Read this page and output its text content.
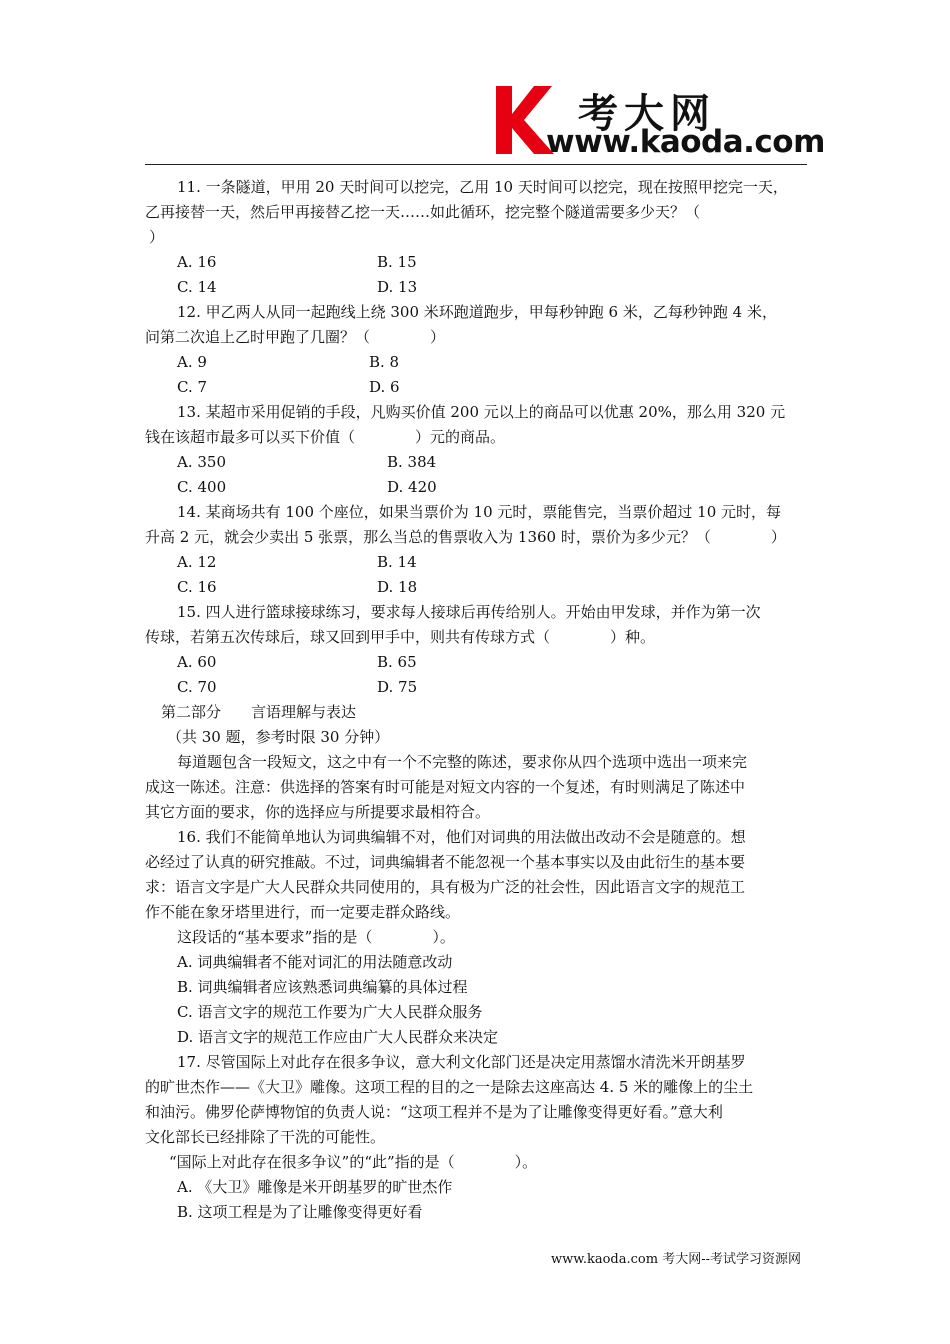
考大网
www.kaoda.com
11. 一条隧道，甲用 20 天时间可以挖完，乙用 10 天时间可以挖完，现在按照甲挖完一天，
乙再接替一天，然后甲再接替乙挖一天……如此循环，挖完整个隧道需要多少天？（
）
A. 16	B. 15
C. 14	D. 13
12. 甲乙两人从同一起跑线上绕 300 米环跑道跑步，甲每秒钟跑 6 米，乙每秒钟跑 4 米，
问第二次追上乙时甲跑了几圈？（　　　　）
A. 9	B. 8
C. 7	D. 6
13. 某超市采用促销的手段，凡购买价值 200 元以上的商品可以优惠 20%，那么用 320 元
钱在该超市最多可以买下价值（　　　　）元的商品。
A. 350	B. 384
C. 400	D. 420
14. 某商场共有 100 个座位，如果当票价为 10 元时，票能售完，当票价超过 10 元时，每
升高 2 元，就会少卖出 5 张票，那么当总的售票收入为 1360 时，票价为多少元？（　　　　）
A. 12	B. 14
C. 16	D. 18
15. 四人进行篮球接球练习，要求每人接球后再传给别人。开始由甲发球，并作为第一次
传球，若第五次传球后，球又回到甲手中，则共有传球方式（　　　　）种。
A. 60	B. 65
C. 70	D. 75
第二部分　　言语理解与表达
（共 30 题，参考时限 30 分钟）
每道题包含一段短文，这之中有一个不完整的陈述，要求你从四个选项中选出一项来完
成这一陈述。注意：供选择的答案有时可能是对短文内容的一个复述，有时则满足了陈述中
其它方面的要求，你的选择应与所提要求最相符合。
16. 我们不能简单地认为词典编辑不对，他们对词典的用法做出改动不会是随意的。想
必经过了认真的研究推敲。不过，词典编辑者不能忽视一个基本事实以及由此衍生的基本要
求：语言文字是广大人民群众共同使用的，具有极为广泛的社会性，因此语言文字的规范工
作不能在象牙塔里进行，而一定要走群众路线。
这段话的“基本要求”指的是（　　　　）。
A. 词典编辑者不能对词汇的用法随意改动
B. 词典编辑者应该熟悉词典编纂的具体过程
C. 语言文字的规范工作要为广大人民群众服务
D. 语言文字的规范工作应由广大人民群众来决定
17. 尽管国际上对此存在很多争议，意大利文化部门还是决定用蒸馏水清洗米开朗基罗
的旷世杰作——《大卫》雕像。这项工程的目的之一是除去这座高达 4. 5 米的雕像上的尘土
和油污。佛罗伦萨博物馆的负责人说：“这项工程并不是为了让雕像变得更好看。”意大利
文化部长已经排除了干洗的可能性。
“国际上对此存在很多争议”的“此”指的是（　　　　）。
A. 《大卫》雕像是米开朗基罗的旷世杰作
B. 这项工程是为了让雕像变得更好看
www.kaoda.com 考大网--考试学习资源网
